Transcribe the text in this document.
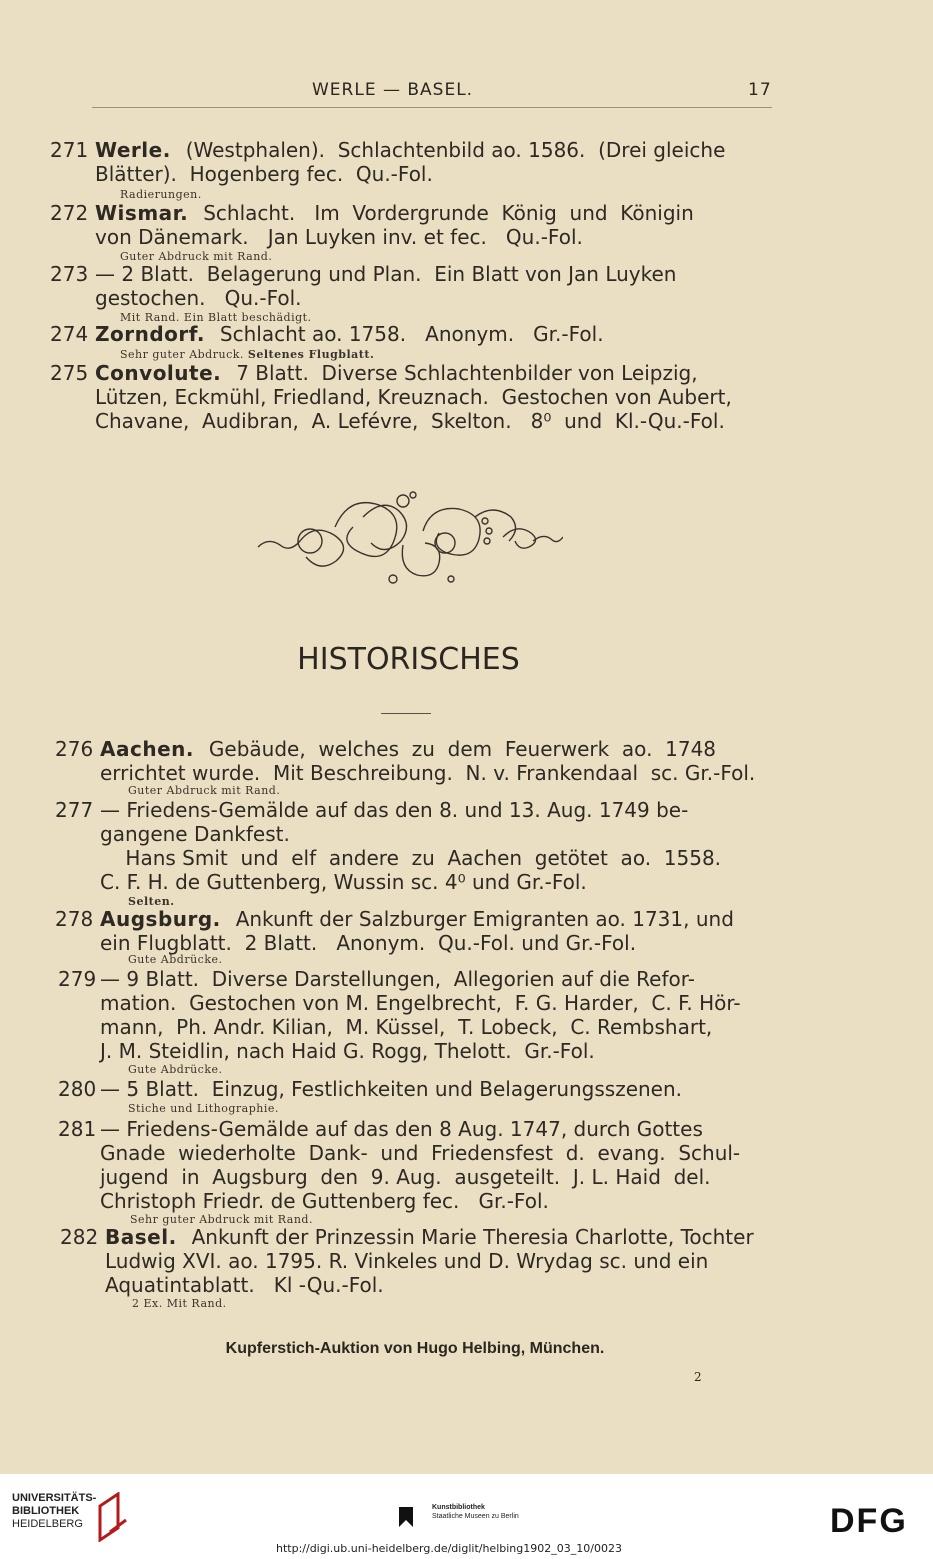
WERLE — BASEL.	17
271 Werle.  (Westphalen).  Schlachtenbild ao. 1586.  (Drei gleiche
Blätter).  Hogenberg fec.  Qu.-Fol.
Radierungen.
272 Wismar.  Schlacht.   Im  Vordergrunde  König  und  Königin
von Dänemark.   Jan Luyken inv. et fec.   Qu.-Fol.
Guter Abdruck mit Rand.
273 — 2 Blatt.  Belagerung und Plan.  Ein Blatt von Jan Luyken
gestochen.   Qu.-Fol.
Mit Rand. Ein Blatt beschädigt.
274 Zorndorf.  Schlacht ao. 1758.   Anonym.   Gr.-Fol.
Sehr guter Abdruck. Seltenes Flugblatt.
275 Convolute.  7 Blatt.  Diverse Schlachtenbilder von Leipzig,
Lützen, Eckmühl, Friedland, Kreuznach.  Gestochen von Aubert,
Chavane,  Audibran,  A. Lefévre,  Skelton.   8⁰  und  Kl.-Qu.-Fol.
HISTORISCHES
276 Aachen.  Gebäude,  welches  zu  dem  Feuerwerk  ao.  1748
errichtet wurde.  Mit Beschreibung.  N. v. Frankendaal  sc. Gr.-Fol.
Guter Abdruck mit Rand.
277 — Friedens-Gemälde auf das den 8. und 13. Aug. 1749 be-
gangene Dankfest.
Hans Smit  und  elf  andere  zu  Aachen  getötet  ao.  1558.
C. F. H. de Guttenberg, Wussin sc. 4⁰ und Gr.-Fol.
Selten.
278 Augsburg.  Ankunft der Salzburger Emigranten ao. 1731, und
ein Flugblatt.  2 Blatt.   Anonym.  Qu.-Fol. und Gr.-Fol.
Gute Abdrücke.
279 — 9 Blatt.  Diverse Darstellungen,  Allegorien auf die Refor-
mation.  Gestochen von M. Engelbrecht,  F. G. Harder,  C. F. Hör-
mann,  Ph. Andr. Kilian,  M. Küssel,  T. Lobeck,  C. Rembshart,
J. M. Steidlin, nach Haid G. Rogg, Thelott.  Gr.-Fol.
Gute Abdrücke.
280 — 5 Blatt.  Einzug, Festlichkeiten und Belagerungsszenen.
Stiche und Lithographie.
281 — Friedens-Gemälde auf das den 8 Aug. 1747, durch Gottes
Gnade  wiederholte  Dank-  und  Friedensfest  d.  evang.  Schul-
jugend  in  Augsburg  den  9. Aug.  ausgeteilt.  J. L. Haid  del.
Christoph Friedr. de Guttenberg fec.   Gr.-Fol.
Sehr guter Abdruck mit Rand.
282 Basel.  Ankunft der Prinzessin Marie Theresia Charlotte, Tochter
Ludwig XVI. ao. 1795. R. Vinkeles und D. Wrydag sc. und ein
Aquatintablatt.   Kl -Qu.-Fol.
2 Ex. Mit Rand.
Kupferstich-Auktion von Hugo Helbing, München.
2
UNIVERSITÄTS-
BIBLIOTHEK
HEIDELBERG
Kunstbibliothek
Staatliche Museen zu Berlin	DFG
http://digi.ub.uni-heidelberg.de/diglit/helbing1902_03_10/0023
